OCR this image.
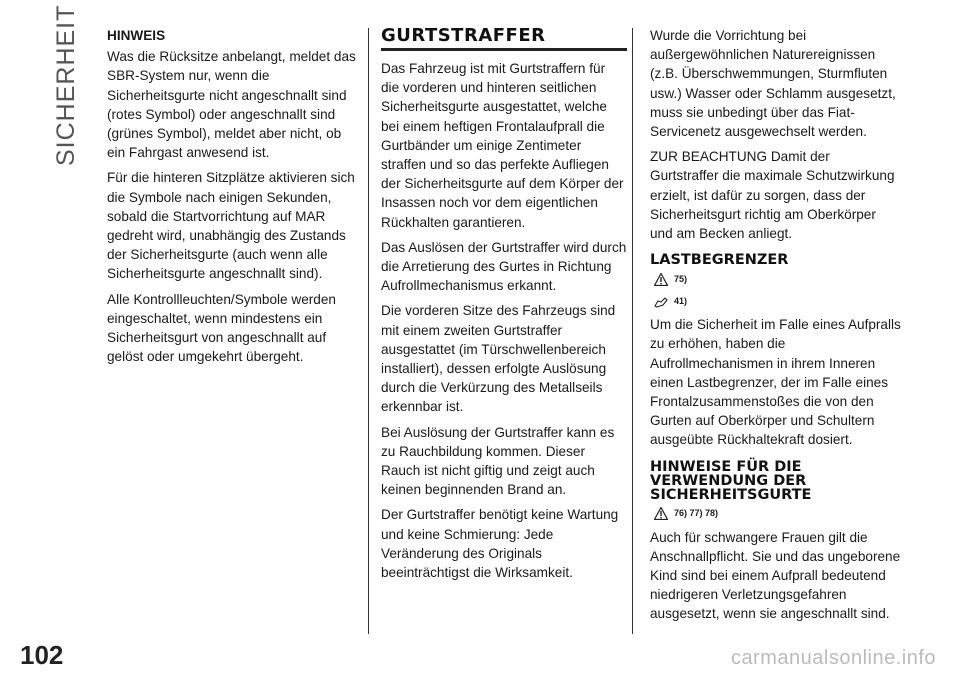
SICHERHEIT
102
HINWEIS

Was die Rücksitze anbelangt, meldet das SBR-System nur, wenn die Sicherheitsgurte nicht angeschnallt sind (rotes Symbol) oder angeschnallt sind (grünes Symbol), meldet aber nicht, ob ein Fahrgast anwesend ist.

Für die hinteren Sitzplätze aktivieren sich die Symbole nach einigen Sekunden, sobald die Startvorrichtung auf MAR gedreht wird, unabhängig des Zustands der Sicherheitsgurte (auch wenn alle Sicherheitsgurte angeschnallt sind).

Alle Kontrollleuchten/Symbole werden eingeschaltet, wenn mindestens ein Sicherheitsgurt von angeschnallt auf gelöst oder umgekehrt übergeht.

GURTSTRAFFER

Das Fahrzeug ist mit Gurtstraffern für die vorderen und hinteren seitlichen Sicherheitsgurte ausgestattet, welche bei einem heftigen Frontalaufprall die Gurtbänder um einige Zentimeter straffen und so das perfekte Aufliegen der Sicherheitsgurte auf dem Körper der Insassen noch vor dem eigentlichen Rückhalten garantieren.

Das Auslösen der Gurtstraffer wird durch die Arretierung des Gurtes in Richtung Aufrollmechanismus erkannt.

Die vorderen Sitze des Fahrzeugs sind mit einem zweiten Gurtstraffer ausgestattet (im Türschwellenbereich installiert), dessen erfolgte Auslösung durch die Verkürzung des Metallseils erkennbar ist.

Bei Auslösung der Gurtstraffer kann es zu Rauchbildung kommen. Dieser Rauch ist nicht giftig und zeigt auch keinen beginnenden Brand an.

Der Gurtstraffer benötigt keine Wartung und keine Schmierung: Jede Veränderung des Originals beeinträchtigst die Wirksamkeit.

Wurde die Vorrichtung bei außergewöhnlichen Naturereignissen (z.B. Überschwemmungen, Sturmfluten usw.) Wasser oder Schlamm ausgesetzt, muss sie unbedingt über das Fiat-Servicenetz ausgewechselt werden.

ZUR BEACHTUNG Damit der Gurtstraffer die maximale Schutzwirkung erzielt, ist dafür zu sorgen, dass der Sicherheitsgurt richtig am Oberkörper und am Becken anliegt.

LASTBEGRENZER
75)
41)

Um die Sicherheit im Falle eines Aufpralls zu erhöhen, haben die Aufrollmechanismen in ihrem Inneren einen Lastbegrenzer, der im Falle eines Frontalzusammenstoßes die von den Gurten auf Oberkörper und Schultern ausgeübte Rückhaltekraft dosiert.

HINWEISE FÜR DIE
VERWENDUNG DER
SICHERHEITSGURTE
76) 77) 78)

Auch für schwangere Frauen gilt die Anschnallpflicht. Sie und das ungeborene Kind sind bei einem Aufprall bedeutend niedrigeren Verletzungsgefahren ausgesetzt, wenn sie angeschnallt sind.

carmanualsonline.info
